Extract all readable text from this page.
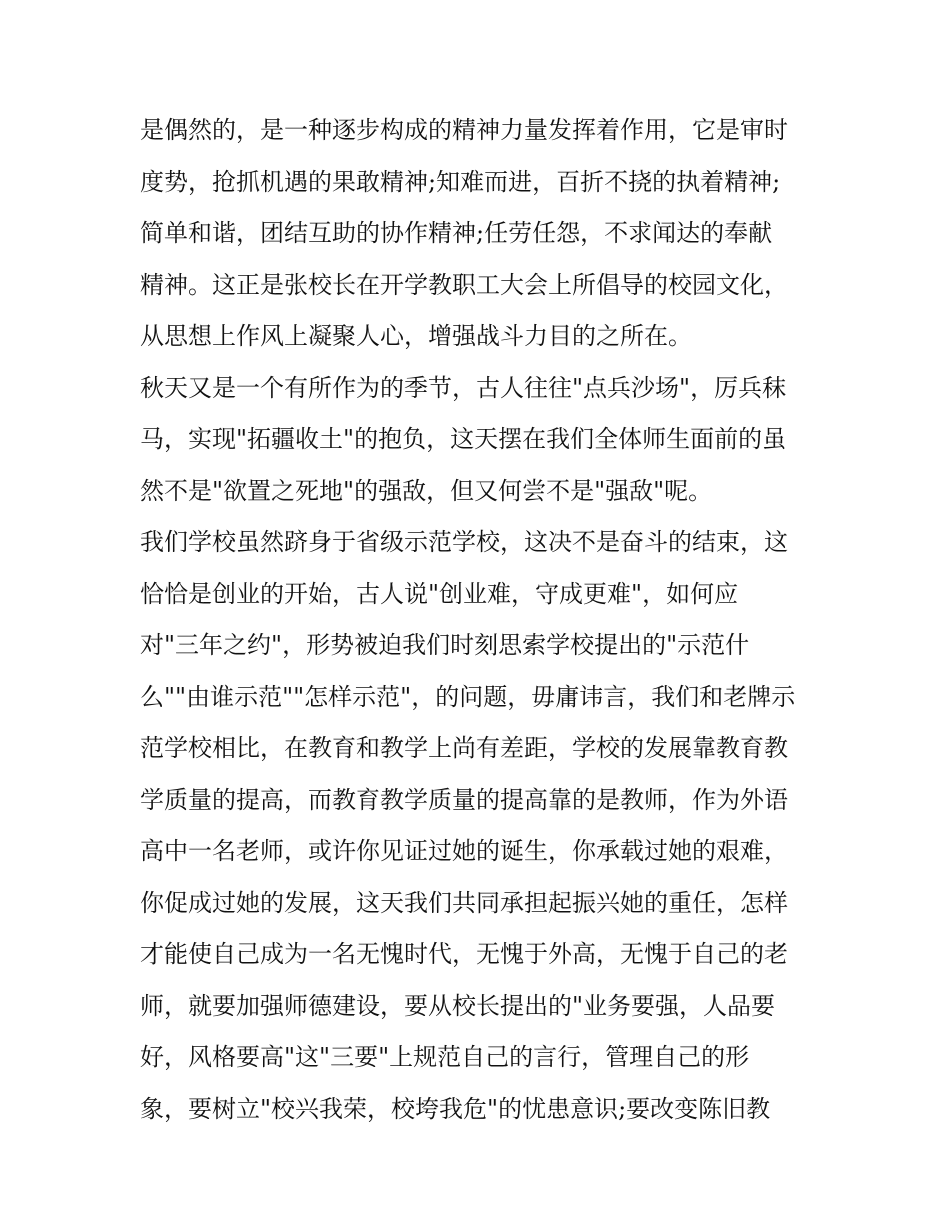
是偶然的，是一种逐步构成的精神力量发挥着作用，它是审时
度势，抢抓机遇的果敢精神;知难而进，百折不挠的执着精神;
简单和谐，团结互助的协作精神;任劳任怨，不求闻达的奉献
精神。这正是张校长在开学教职工大会上所倡导的校园文化，
从思想上作风上凝聚人心，增强战斗力目的之所在。
秋天又是一个有所作为的季节，古人往往"点兵沙场"，厉兵秣
马，实现"拓疆收土"的抱负，这天摆在我们全体师生面前的虽
然不是"欲置之死地"的强敌，但又何尝不是"强敌"呢。
我们学校虽然跻身于省级示范学校，这决不是奋斗的结束，这
恰恰是创业的开始，古人说"创业难，守成更难"，如何应
对"三年之约"，形势被迫我们时刻思索学校提出的"示范什
么""由谁示范""怎样示范"，的问题，毋庸讳言，我们和老牌示
范学校相比，在教育和教学上尚有差距，学校的发展靠教育教
学质量的提高，而教育教学质量的提高靠的是教师，作为外语
高中一名老师，或许你见证过她的诞生，你承载过她的艰难，
你促成过她的发展，这天我们共同承担起振兴她的重任，怎样
才能使自己成为一名无愧时代，无愧于外高，无愧于自己的老
师，就要加强师德建设，要从校长提出的"业务要强，人品要
好，风格要高"这"三要"上规范自己的言行，管理自己的形
象，要树立"校兴我荣，校垮我危"的忧患意识;要改变陈旧教
